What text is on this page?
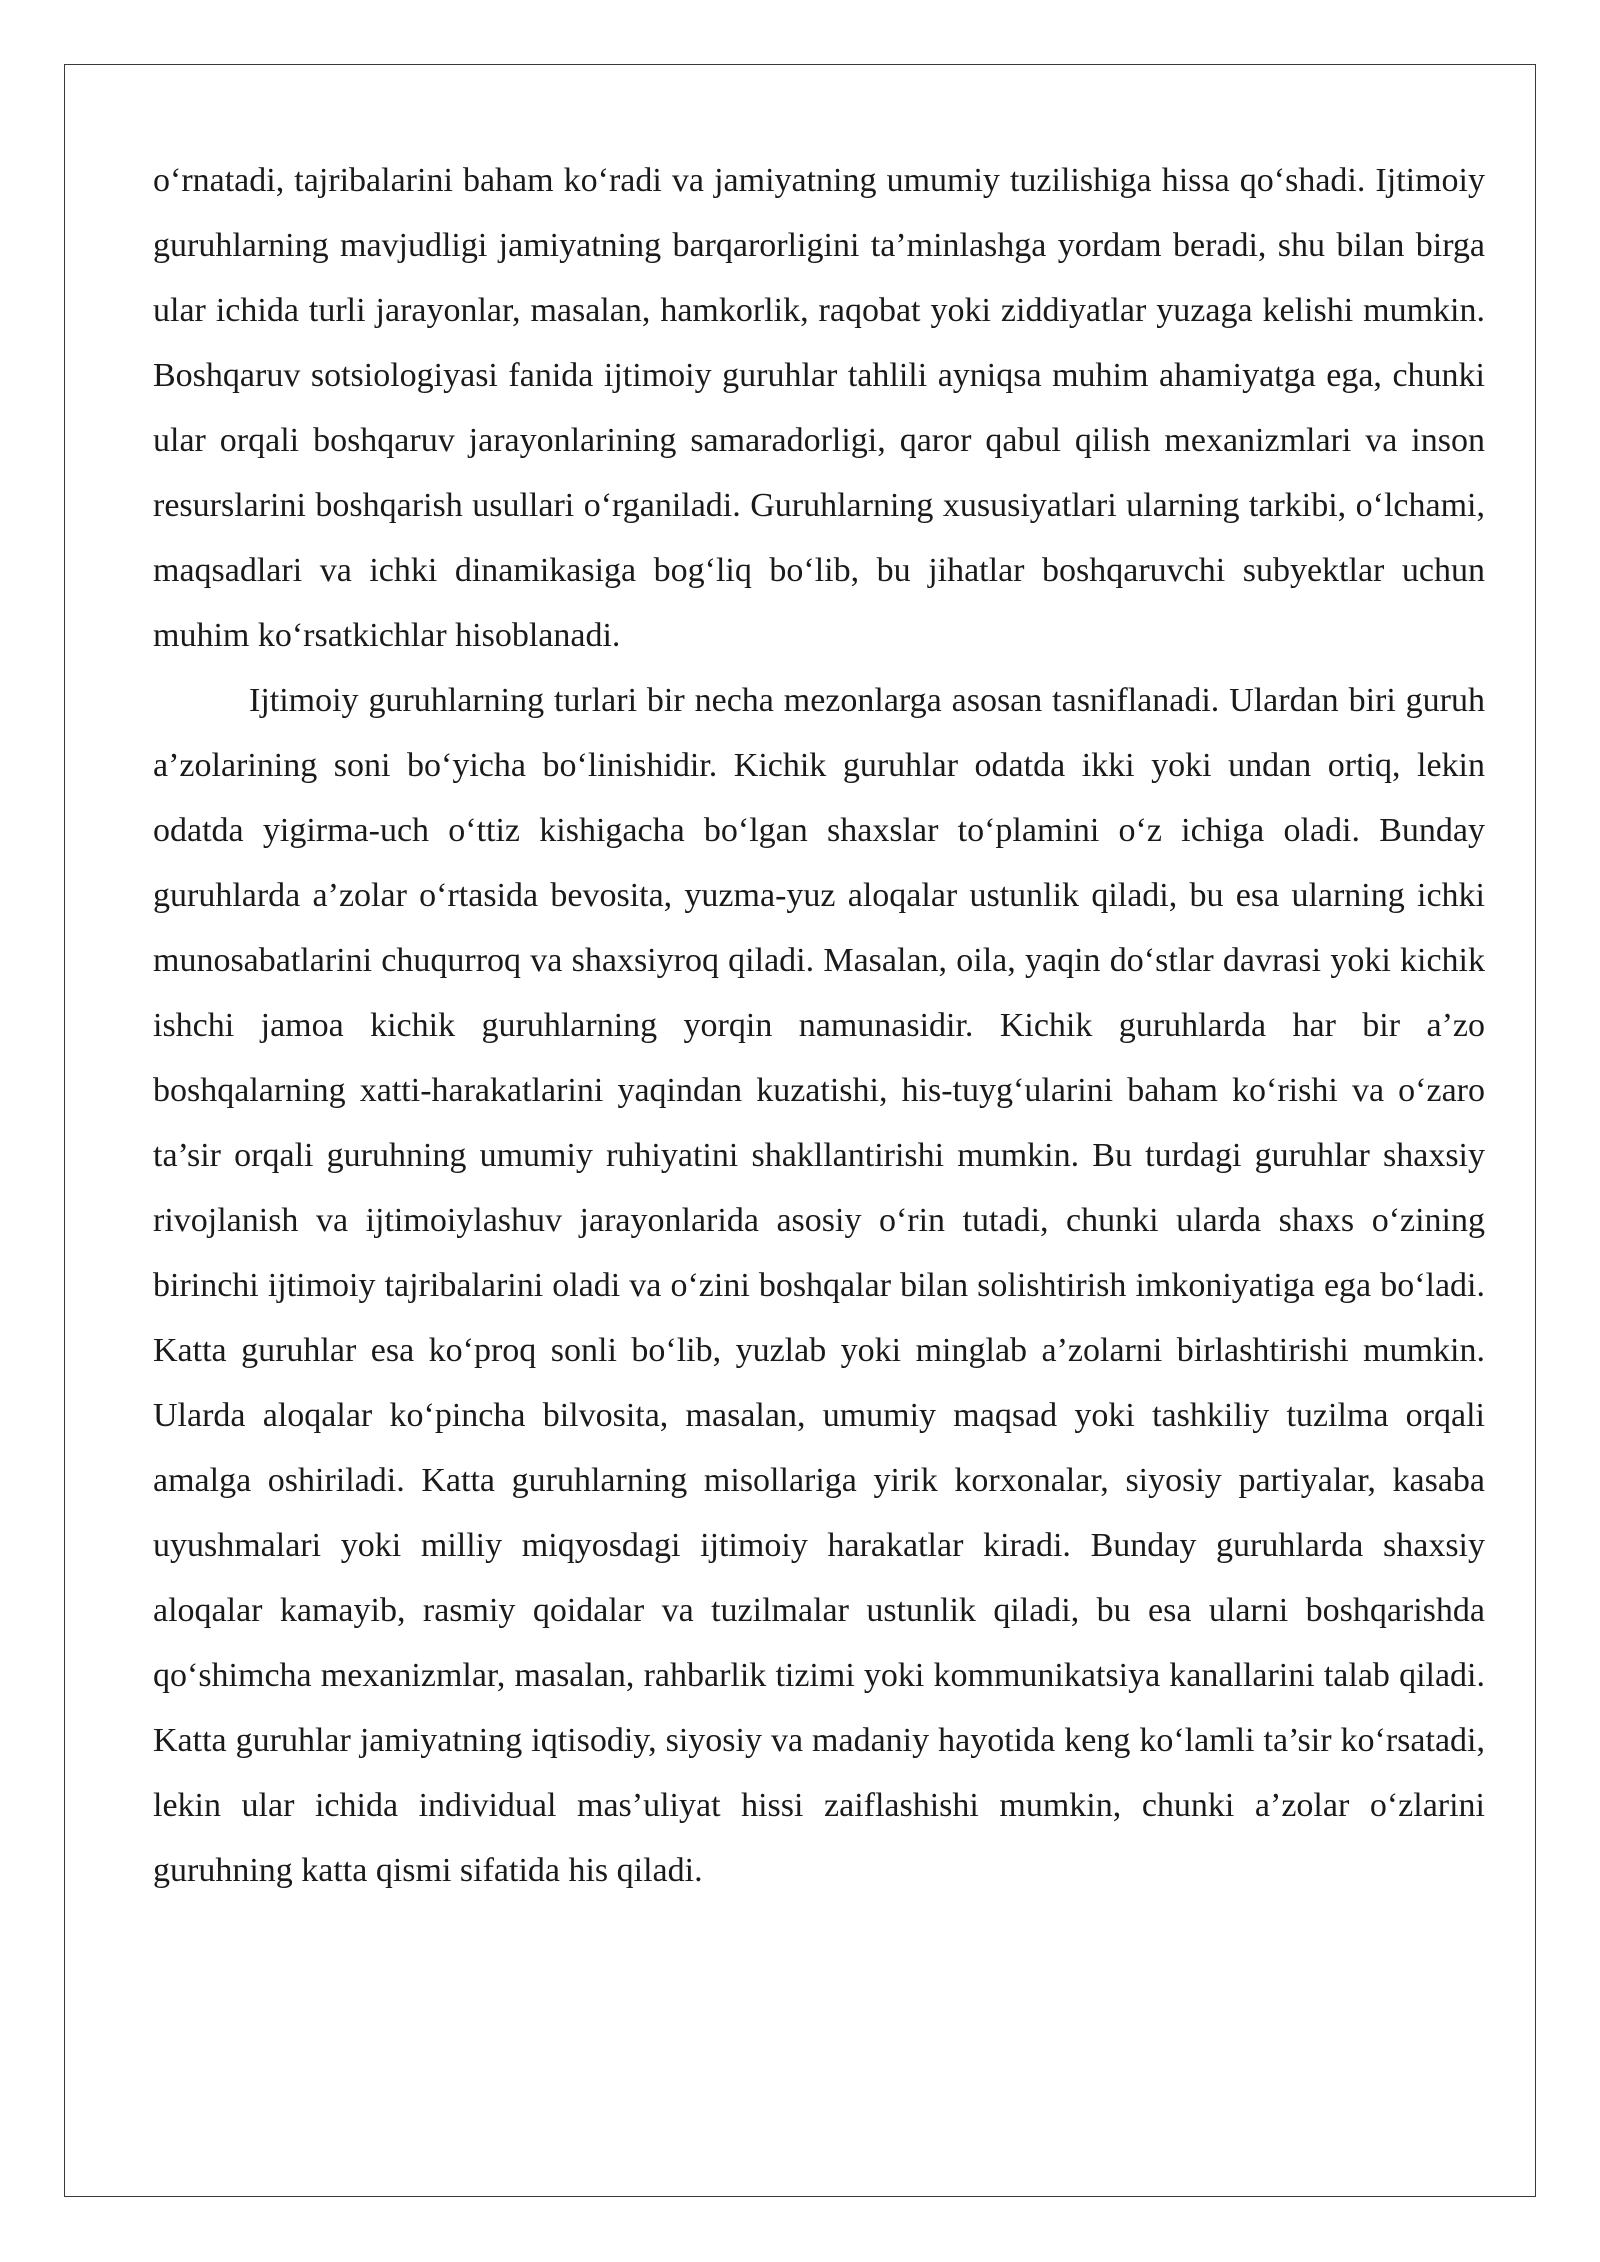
o‘rnatadi, tajribalarini baham ko‘radi va jamiyatning umumiy tuzilishiga hissa qo‘shadi. Ijtimoiy guruhlarning mavjudligi jamiyatning barqarorligini ta’minlashga yordam beradi, shu bilan birga ular ichida turli jarayonlar, masalan, hamkorlik, raqobat yoki ziddiyatlar yuzaga kelishi mumkin. Boshqaruv sotsiologiyasi fanida ijtimoiy guruhlar tahlili ayniqsa muhim ahamiyatga ega, chunki ular orqali boshqaruv jarayonlarining samaradorligi, qaror qabul qilish mexanizmlari va inson resurslarini boshqarish usullari o‘rganiladi. Guruhlarning xususiyatlari ularning tarkibi, o‘lchami, maqsadlari va ichki dinamikasiga bog‘liq bo‘lib, bu jihatlar boshqaruvchi subyektlar uchun muhim ko‘rsatkichlar hisoblanadi.

Ijtimoiy guruhlarning turlari bir necha mezonlarga asosan tasniflanadi. Ulardan biri guruh a’zolarining soni bo‘yicha bo‘linishidir. Kichik guruhlar odatda ikki yoki undan ortiq, lekin odatda yigirma-uch o‘ttiz kishigacha bo‘lgan shaxslar to‘plamini o‘z ichiga oladi. Bunday guruhlarda a’zolar o‘rtasida bevosita, yuzma-yuz aloqalar ustunlik qiladi, bu esa ularning ichki munosabatlarini chuqurroq va shaxsiyroq qiladi. Masalan, oila, yaqin do‘stlar davrasi yoki kichik ishchi jamoa kichik guruhlarning yorqin namunasidir. Kichik guruhlarda har bir a’zo boshqalarning xatti-harakatlarini yaqindan kuzatishi, his-tuyg‘ularini baham ko‘rishi va o‘zaro ta’sir orqali guruhning umumiy ruhiyatini shakllantirishi mumkin. Bu turdagi guruhlar shaxsiy rivojlanish va ijtimoiylashuv jarayonlarida asosiy o‘rin tutadi, chunki ularda shaxs o‘zining birinchi ijtimoiy tajribalarini oladi va o‘zini boshqalar bilan solishtirish imkoniyatiga ega bo‘ladi. Katta guruhlar esa ko‘proq sonli bo‘lib, yuzlab yoki minglab a’zolarni birlashtirishi mumkin. Ularda aloqalar ko‘pincha bilvosita, masalan, umumiy maqsad yoki tashkiliy tuzilma orqali amalga oshiriladi. Katta guruhlarning misollariga yirik korxonalar, siyosiy partiyalar, kasaba uyushmalari yoki milliy miqyosdagi ijtimoiy harakatlar kiradi. Bunday guruhlarda shaxsiy aloqalar kamayib, rasmiy qoidalar va tuzilmalar ustunlik qiladi, bu esa ularni boshqarishda qo‘shimcha mexanizmlar, masalan, rahbarlik tizimi yoki kommunikatsiya kanallarini talab qiladi. Katta guruhlar jamiyatning iqtisodiy, siyosiy va madaniy hayotida keng ko‘lamli ta’sir ko‘rsatadi, lekin ular ichida individual mas’uliyat hissi zaiflashishi mumkin, chunki a’zolar o‘zlarini guruhning katta qismi sifatida his qiladi.
